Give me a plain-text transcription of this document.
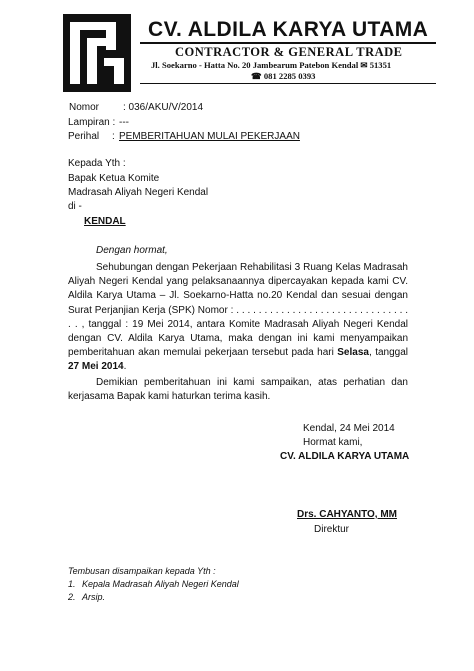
CV. ALDILA KARYA UTAMA
CONTRACTOR & GENERAL TRADE
Jl. Soekarno - Hatta No. 20 Jambearum Patebon Kendal ✉ 51351
☎ 081 2285 0393
Nomor : 036/AKU/V/2014
Lampiran : ---
Perihal : PEMBERITAHUAN MULAI PEKERJAAN
Kepada Yth :
Bapak Ketua Komite
Madrasah Aliyah Negeri Kendal
di -
KENDAL
Dengan hormat,

Sehubungan dengan Pekerjaan Rehabilitasi 3 Ruang Kelas Madrasah Aliyah Negeri Kendal yang pelaksanaannya dipercayakan kepada kami CV. Aldila Karya Utama – Jl. Soekarno-Hatta no.20 Kendal dan sesuai dengan Surat Perjanjian Kerja (SPK) Nomor : . . . . . . . . . . . . . . . . . . . . . . . . . . . . . . . . . , tanggal : 19 Mei 2014, antara Komite Madrasah Aliyah Negeri Kendal dengan CV. Aldila Karya Utama, maka dengan ini kami menyampaikan pemberitahuan akan memulai pekerjaan tersebut pada hari Selasa, tanggal 27 Mei 2014.

Demikian pemberitahuan ini kami sampaikan, atas perhatian dan kerjasama Bapak kami haturkan terima kasih.

Kendal, 24 Mei 2014
Hormat kami,
CV. ALDILA KARYA UTAMA
Drs. CAHYANTO, MM
Direktur
Tembusan disampaikan kepada Yth :
1. Kepala Madrasah Aliyah Negeri Kendal
2. Arsip.
